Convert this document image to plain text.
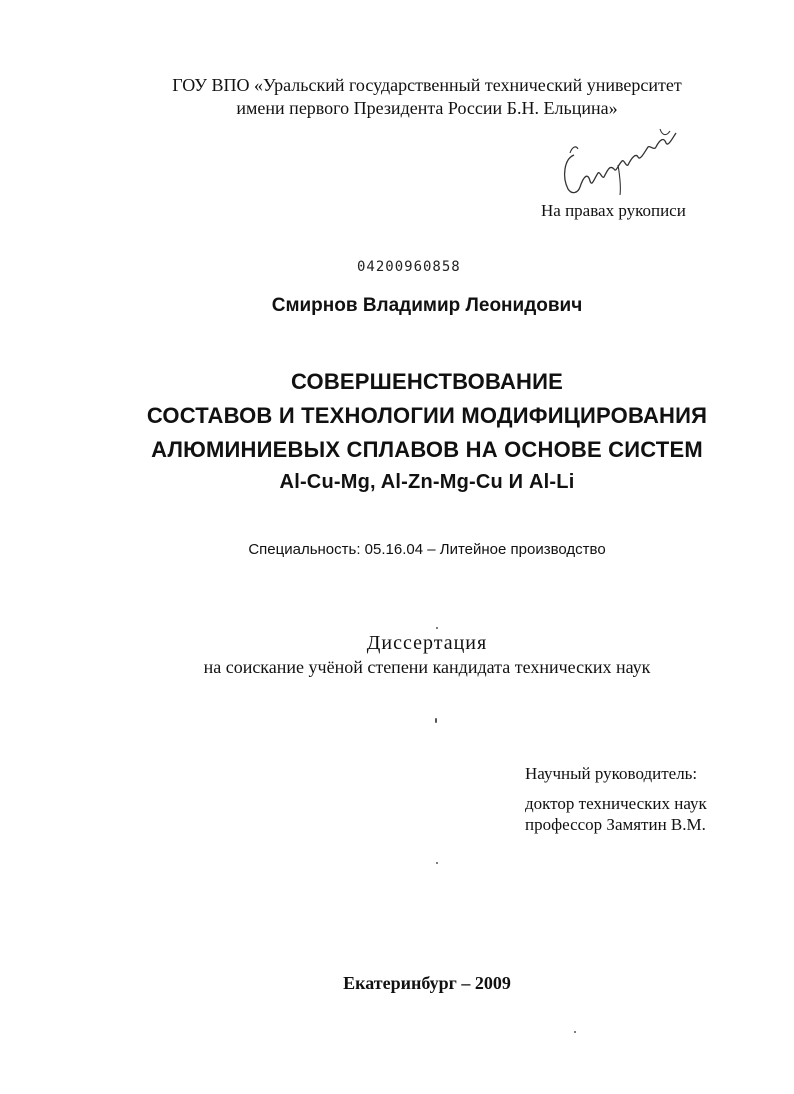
ГОУ ВПО «Уральский государственный технический университет
имени первого Президента России Б.Н. Ельцина»
На правах рукописи
04200960858
Смирнов Владимир Леонидович
СОВЕРШЕНСТВОВАНИЕ
СОСТАВОВ И ТЕХНОЛОГИИ МОДИФИЦИРОВАНИЯ
АЛЮМИНИЕВЫХ СПЛАВОВ НА ОСНОВЕ СИСТЕМ
Al-Cu-Mg, Al-Zn-Mg-Cu И Al-Li
Специальность: 05.16.04 – Литейное производство
Диссертация
на соискание учёной степени кандидата технических наук
Научный руководитель:
доктор технических наук
профессор Замятин В.М.
Екатеринбург – 2009
